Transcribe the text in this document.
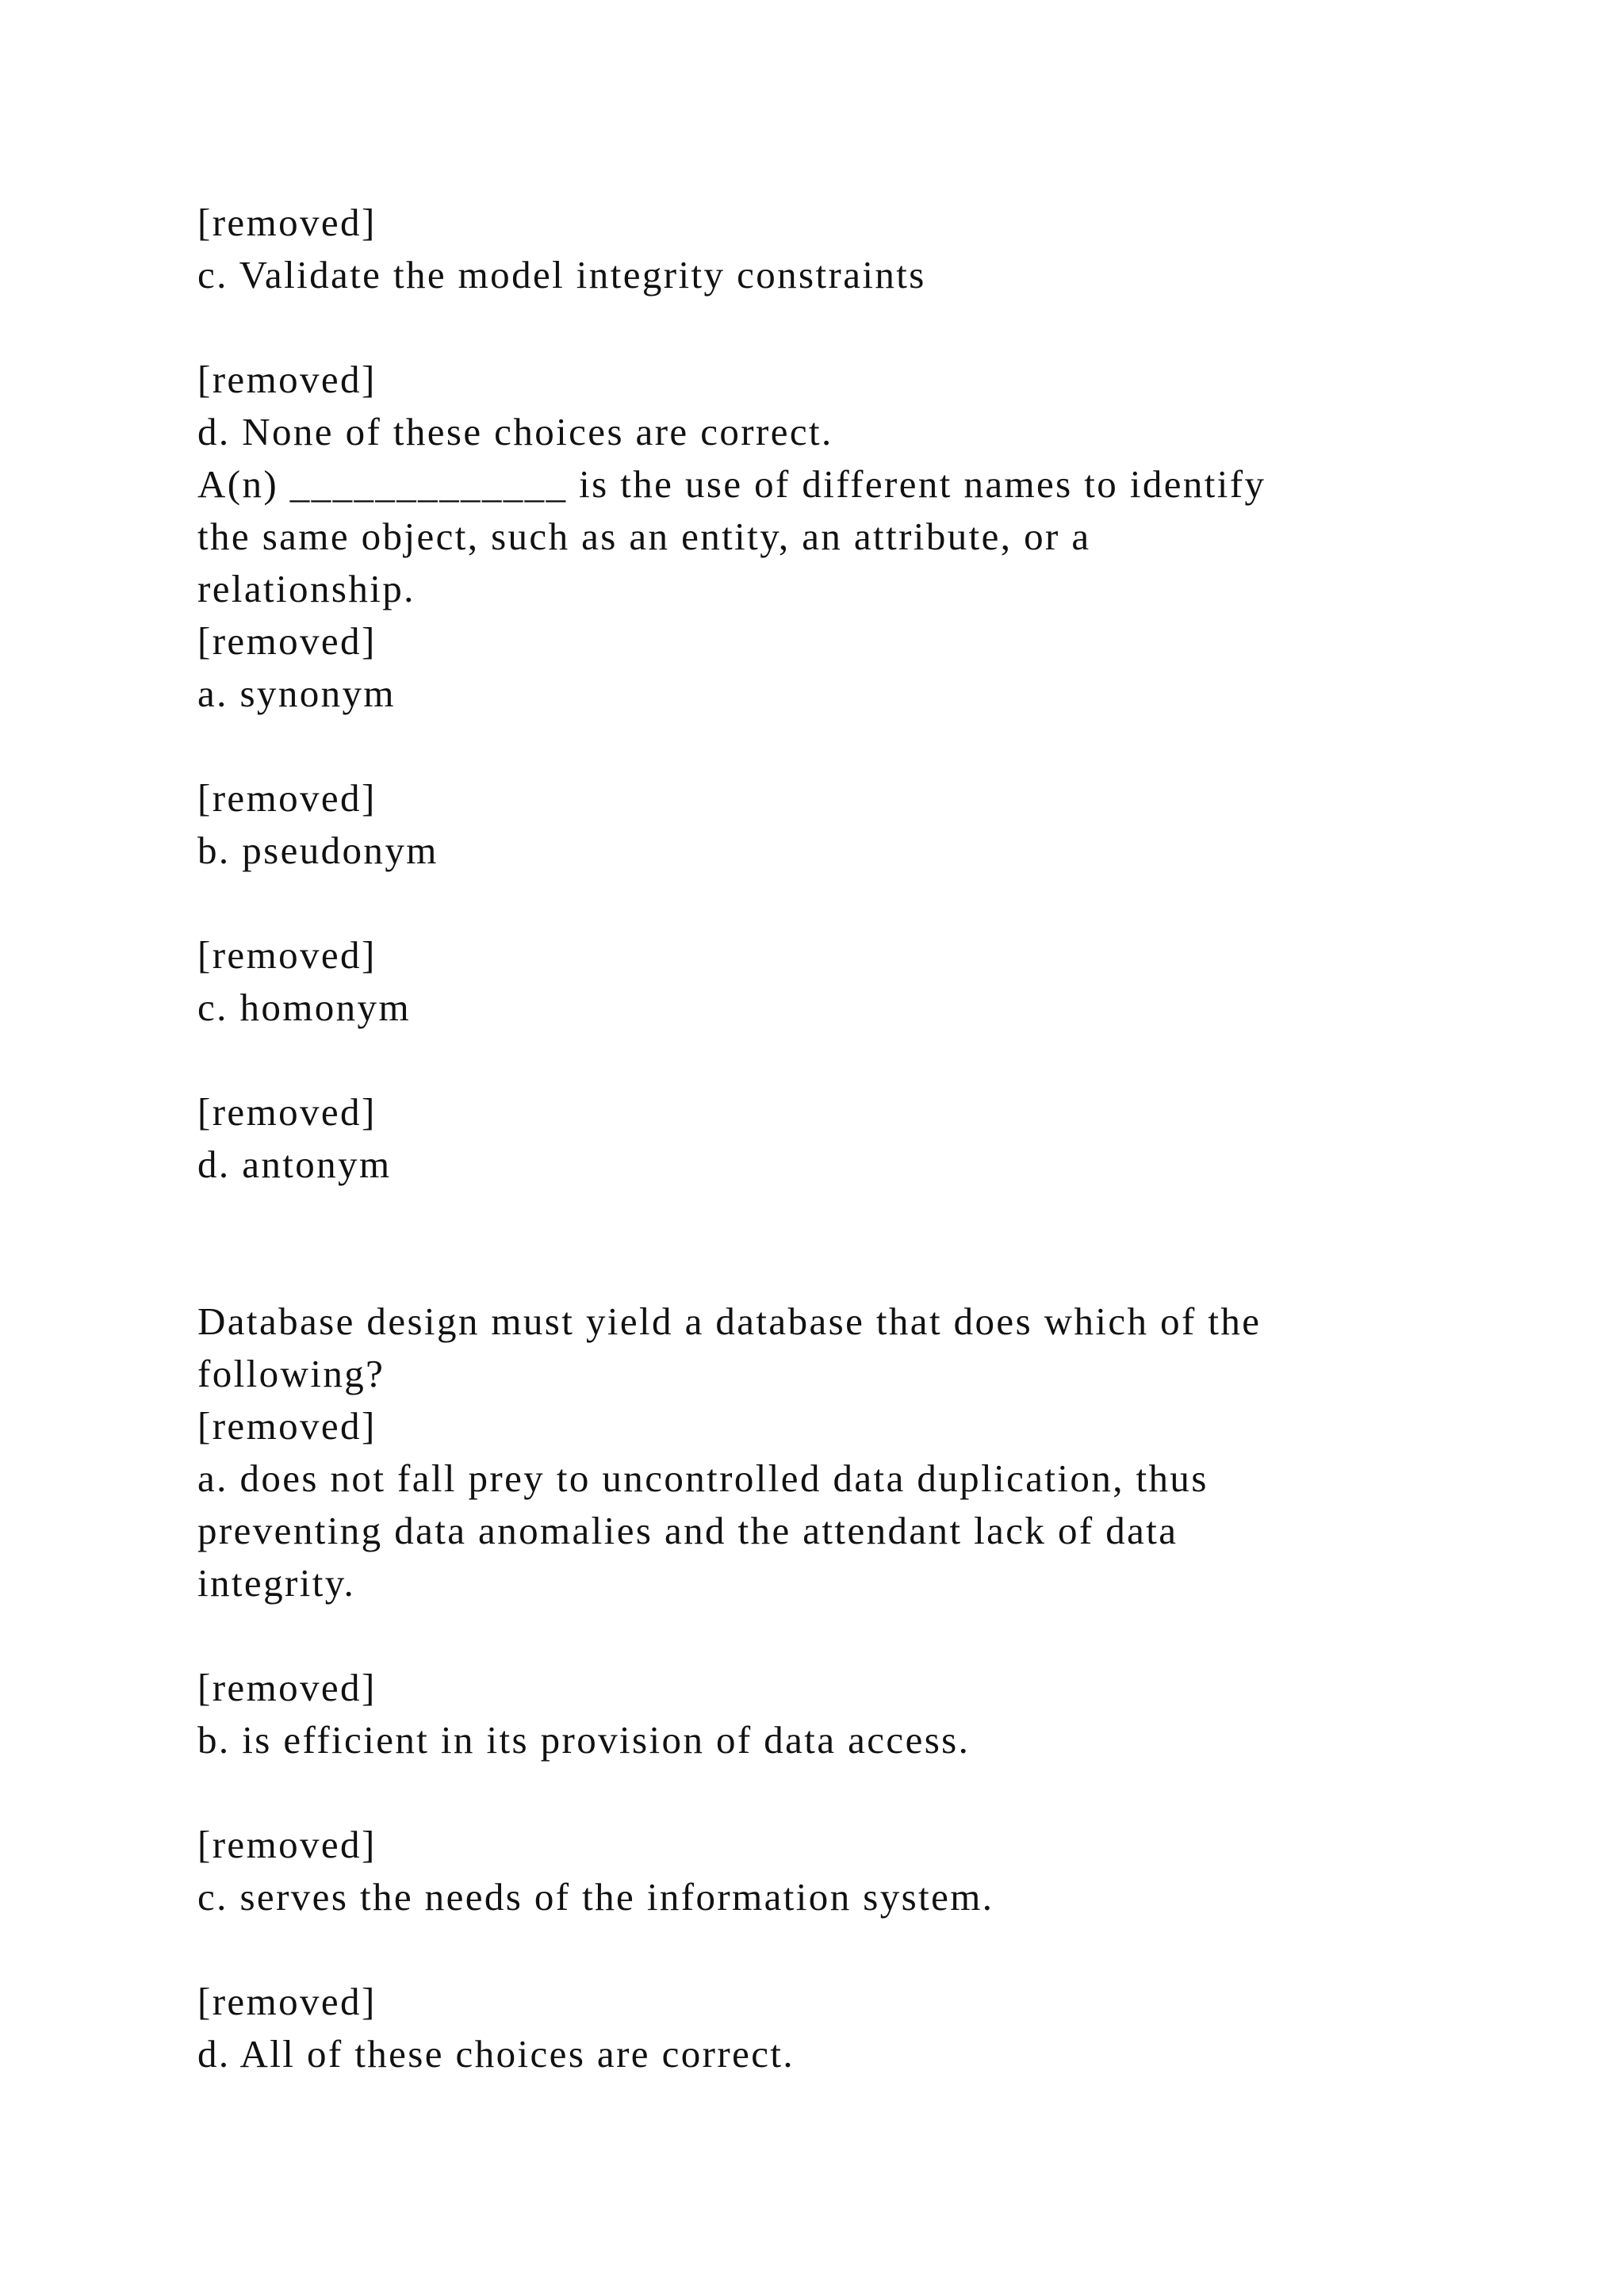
[removed]
c. Validate the model integrity constraints
[removed]
d. None of these choices are correct.
A(n) _____________ is the use of different names to identify
the same object, such as an entity, an attribute, or a
relationship.
[removed]
a. synonym
[removed]
b. pseudonym
[removed]
c. homonym
[removed]
d. antonym
Database design must yield a database that does which of the
following?
[removed]
a. does not fall prey to uncontrolled data duplication, thus
preventing data anomalies and the attendant lack of data
integrity.
[removed]
b. is efficient in its provision of data access.
[removed]
c. serves the needs of the information system.
[removed]
d. All of these choices are correct.
